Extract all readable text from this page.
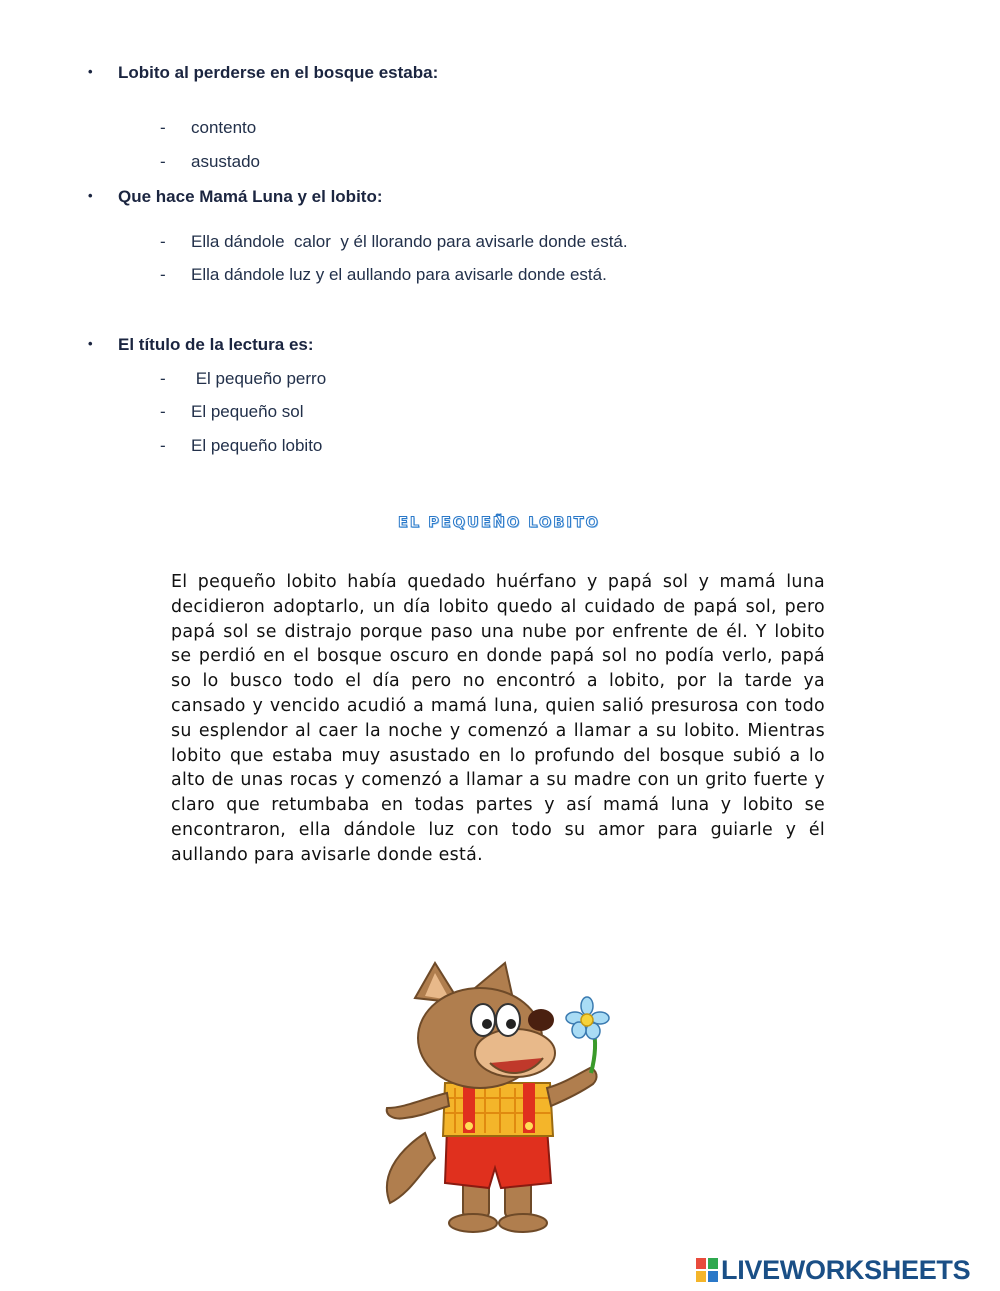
• Lobito al perderse en el bosque estaba:
- contento
- asustado
• Que hace Mamá Luna y el lobito:
- Ella dándole  calor  y él llorando para avisarle donde está.
- Ella dándole luz y el aullando para avisarle donde está.
• El título de la lectura es:
- El pequeño perro
- El pequeño sol
- El pequeño lobito
EL PEQUEÑO LOBITO
El pequeño lobito había quedado huérfano y papá sol y mamá luna decidieron adoptarlo, un día lobito quedo al cuidado de papá sol, pero papá sol se distrajo porque paso una nube por enfrente de él. Y lobito se perdió en el bosque oscuro en donde papá sol no podía verlo, papá so lo busco todo el día pero no encontró a lobito, por la tarde ya cansado y vencido acudió a mamá luna, quien salió presurosa con todo su esplendor al caer la noche y comenzó a llamar a su lobito. Mientras lobito que estaba muy asustado en lo profundo del bosque subió a lo alto de unas rocas y comenzó a llamar a su madre con un grito fuerte y claro que retumbaba en todas partes y así mamá luna y lobito se encontraron, ella dándole luz con todo su amor para guiarle y él aullando para avisarle donde está.
LIVEWORKSHEETS
